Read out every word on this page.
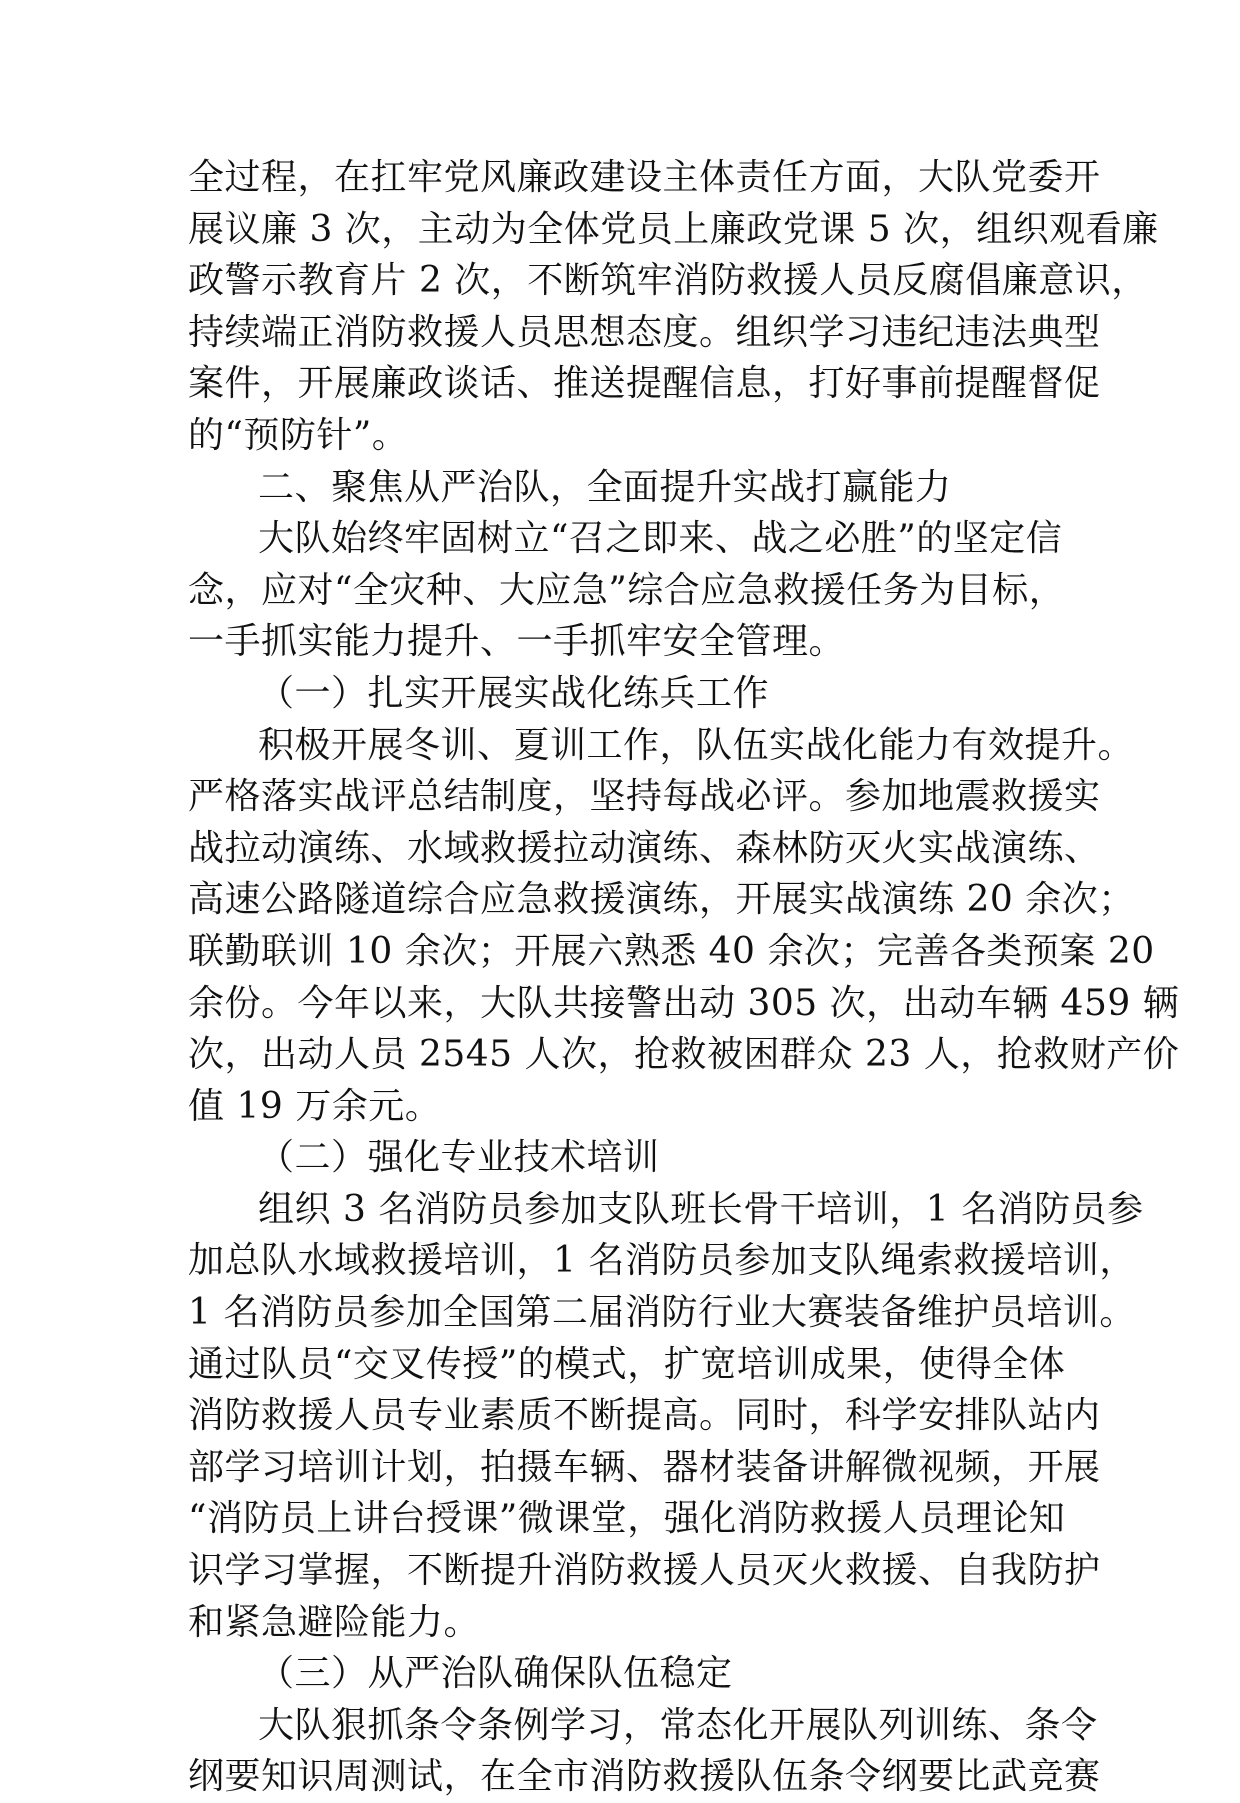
全过程，在扛牢党风廉政建设主体责任方面，大队党委开
展议廉 3 次，主动为全体党员上廉政党课 5 次，组织观看廉
政警示教育片 2 次，不断筑牢消防救援人员反腐倡廉意识，
持续端正消防救援人员思想态度。组织学习违纪违法典型
案件，开展廉政谈话、推送提醒信息，打好事前提醒督促
的“预防针”。
二、聚焦从严治队，全面提升实战打赢能力
大队始终牢固树立“召之即来、战之必胜”的坚定信
念，应对“全灾种、大应急”综合应急救援任务为目标，
一手抓实能力提升、一手抓牢安全管理。
（一）扎实开展实战化练兵工作
积极开展冬训、夏训工作，队伍实战化能力有效提升。
严格落实战评总结制度，坚持每战必评。参加地震救援实
战拉动演练、水域救援拉动演练、森林防灭火实战演练、
高速公路隧道综合应急救援演练，开展实战演练 20 余次；
联勤联训 10 余次；开展六熟悉 40 余次；完善各类预案 20
余份。今年以来，大队共接警出动 305 次，出动车辆 459 辆
次，出动人员 2545 人次，抢救被困群众 23 人，抢救财产价
值 19 万余元。
（二）强化专业技术培训
组织 3 名消防员参加支队班长骨干培训，1 名消防员参
加总队水域救援培训，1 名消防员参加支队绳索救援培训，
1 名消防员参加全国第二届消防行业大赛装备维护员培训。
通过队员“交叉传授”的模式，扩宽培训成果，使得全体
消防救援人员专业素质不断提高。同时，科学安排队站内
部学习培训计划，拍摄车辆、器材装备讲解微视频，开展
“消防员上讲台授课”微课堂，强化消防救援人员理论知
识学习掌握，不断提升消防救援人员灭火救援、自我防护
和紧急避险能力。
（三）从严治队确保队伍稳定
大队狠抓条令条例学习，常态化开展队列训练、条令
纲要知识周测试，在全市消防救援队伍条令纲要比武竞赛
